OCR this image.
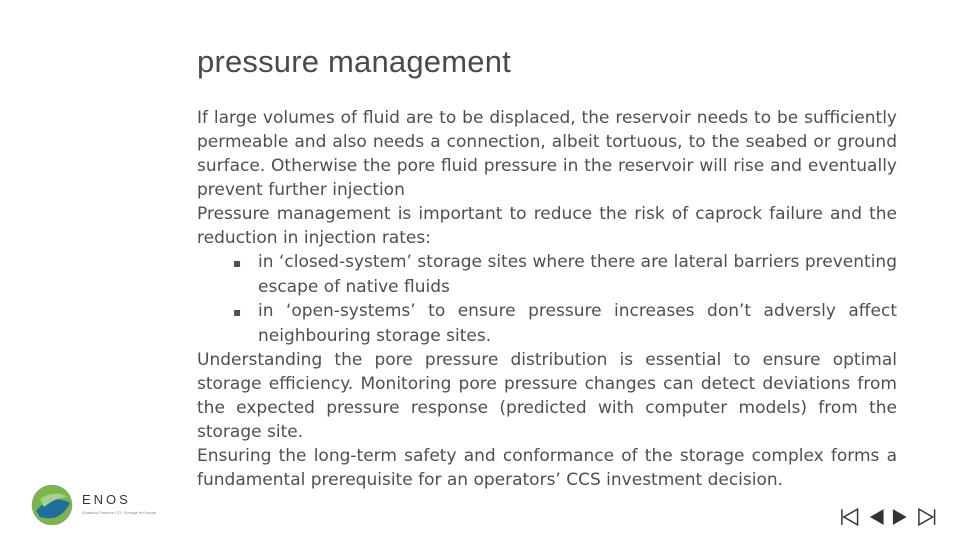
pressure management

If large volumes of fluid are to be displaced, the reservoir needs to be sufficiently permeable and also needs a connection, albeit tortuous, to the seabed or ground surface. Otherwise the pore fluid pressure in the reservoir will rise and eventually prevent further injection

Pressure management is important to reduce the risk of caprock failure and the reduction in injection rates:

▪ in ‘closed-system’ storage sites where there are lateral barriers preventing escape of native fluids
▪ in ‘open-systems’ to ensure pressure increases don’t adversly affect neighbouring storage sites.

Understanding the pore pressure distribution is essential to ensure optimal storage efficiency. Monitoring pore pressure changes can detect deviations from the expected pressure response (predicted with computer models) from the storage site.

Ensuring the long-term safety and conformance of the storage complex forms a fundamental prerequisite for an operators’ CCS investment decision.

ENOS
Enabling Onshore CO₂ Storage in Europe
